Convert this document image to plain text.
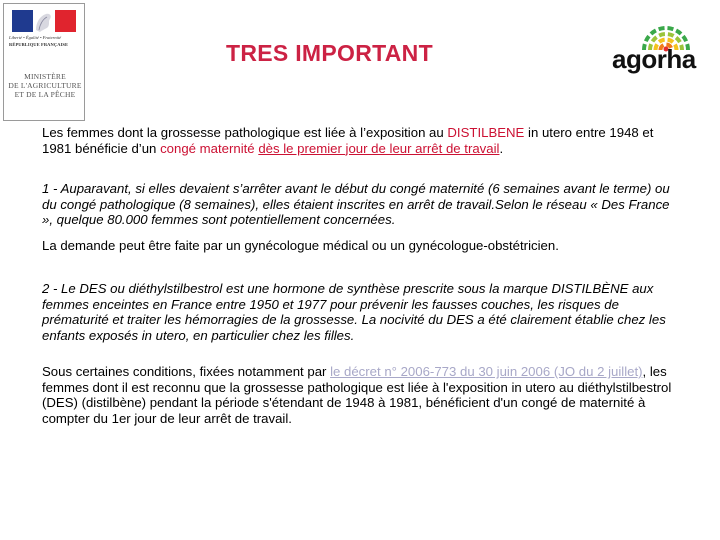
Liberté • Égalité • Fraternité
RÉPUBLIQUE FRANÇAISE
MINISTÈRE
DE L'AGRICULTURE
ET DE LA PÊCHE
TRES IMPORTANT	agorha

Les femmes dont la grossesse pathologique est liée à l’exposition au DISTILBENE in utero entre 1948 et 1981 bénéficie d’un congé maternité dès le premier jour de leur arrêt de travail.

1 - Auparavant, si elles devaient s’arrêter avant le début du congé maternité (6 semaines avant le terme) ou du congé pathologique (8 semaines), elles étaient inscrites en arrêt de travail.Selon le réseau « Des France », quelque 80.000 femmes sont potentiellement concernées.

La demande peut être faite par un gynécologue médical ou un gynécologue-obstétricien.

2 - Le DES ou diéthylstilbestrol est une hormone de synthèse prescrite sous la marque DISTILBÈNE aux femmes enceintes en France entre 1950 et 1977 pour prévenir les fausses couches, les risques de prématurité et traiter les hémorragies de la grossesse. La nocivité du DES a été clairement établie chez les enfants exposés in utero, en particulier chez les filles.

Sous certaines conditions, fixées notamment par le décret n° 2006-773 du 30 juin 2006 (JO du 2 juillet), les femmes dont il est reconnu que la grossesse pathologique est liée à l'exposition in utero au diéthylstilbestrol (DES) (distilbène) pendant la période s'étendant de 1948 à 1981, bénéficient d'un congé de maternité à compter du 1er jour de leur arrêt de travail.
